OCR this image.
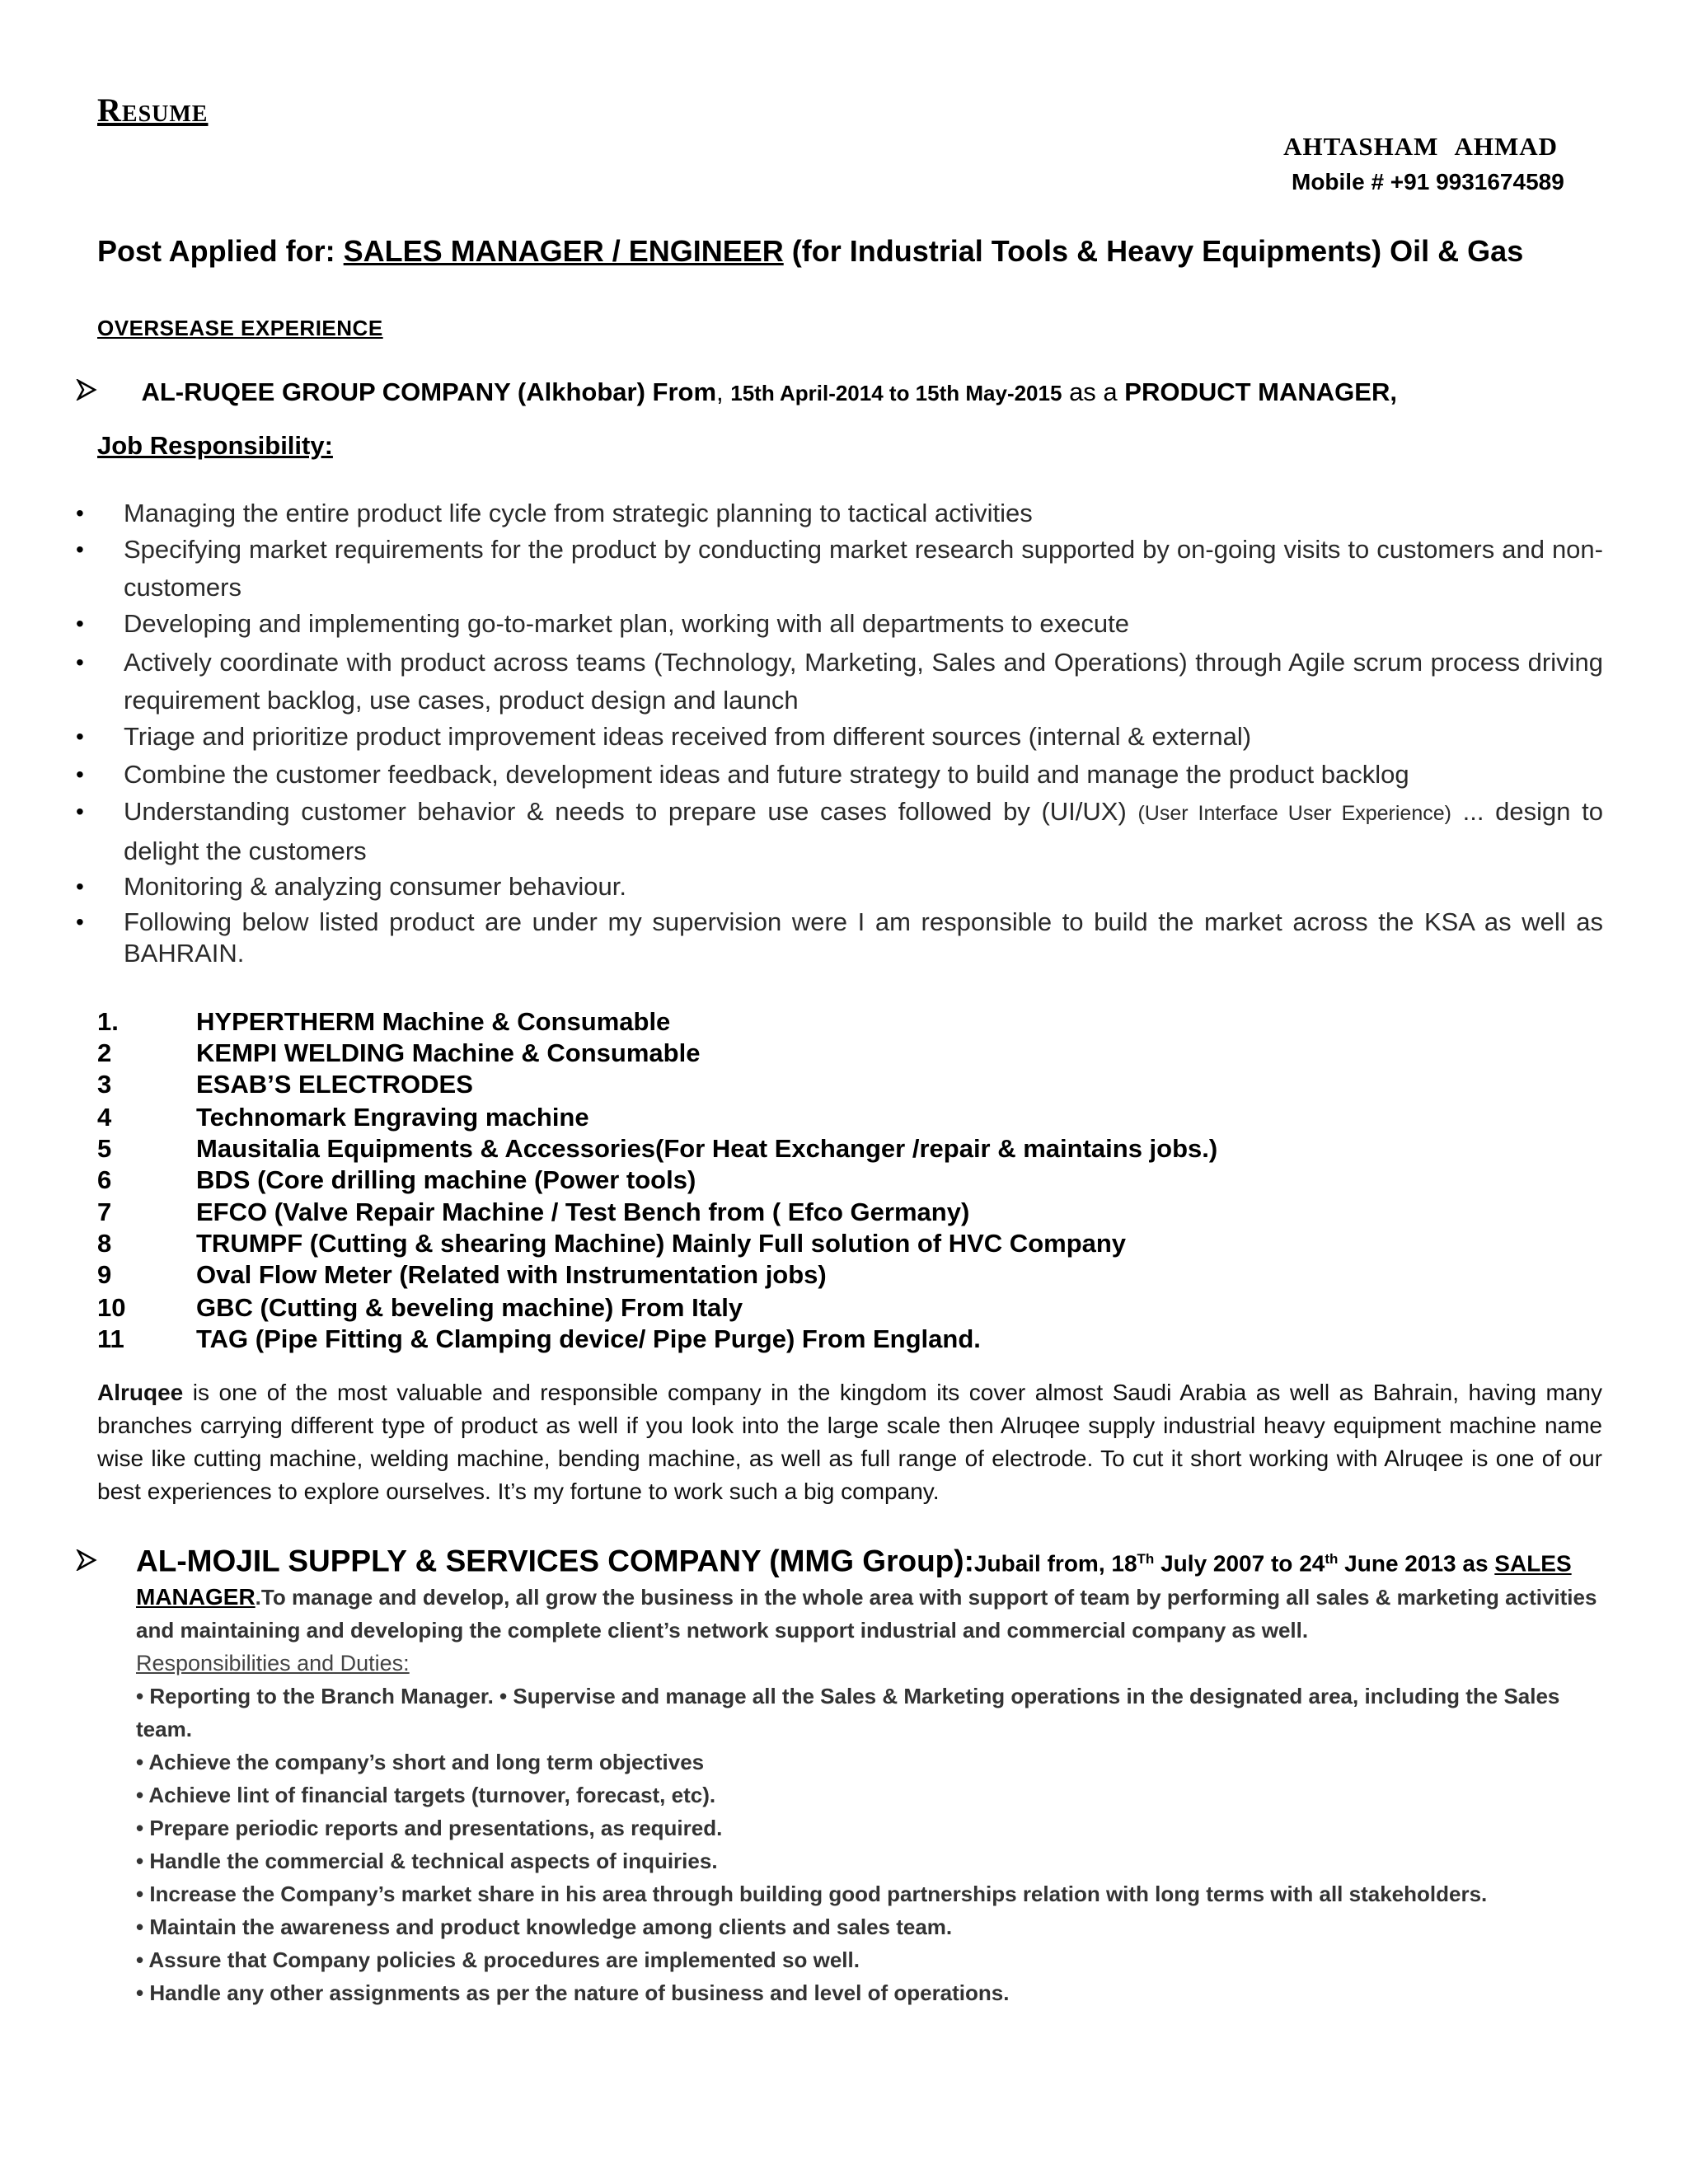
Resume
AHTASHAM AHMAD
Mobile # +91 9931674589
Post Applied for: SALES MANAGER / ENGINEER (for Industrial Tools & Heavy Equipments) Oil & Gas
OVERSEASE EXPERIENCE
AL-RUQEE GROUP COMPANY (Alkhobar) From, 15th April-2014 to 15th May-2015 as a PRODUCT MANAGER,
Job Responsibility:
• Managing the entire product life cycle from strategic planning to tactical activities
• Specifying market requirements for the product by conducting market research supported by on-going visits to customers and non-customers
• Developing and implementing go-to-market plan, working with all departments to execute
• Actively coordinate with product across teams (Technology, Marketing, Sales and Operations) through Agile scrum process driving requirement backlog, use cases, product design and launch
• Triage and prioritize product improvement ideas received from different sources (internal & external)
• Combine the customer feedback, development ideas and future strategy to build and manage the product backlog
• Understanding customer behavior & needs to prepare use cases followed by (UI/UX) (User Interface User Experience) ... design to delight the customers
• Monitoring & analyzing consumer behaviour.
• Following below listed product are under my supervision were I am responsible to build the market across the KSA as well as BAHRAIN.
1.	HYPERTHERM Machine & Consumable
2	KEMPI WELDING Machine & Consumable
3	ESAB’S ELECTRODES
4	Technomark Engraving machine
5	Mausitalia Equipments & Accessories(For Heat Exchanger /repair & maintains jobs.)
6	BDS (Core drilling machine (Power tools)
7	EFCO (Valve Repair Machine / Test Bench from ( Efco Germany)
8	TRUMPF (Cutting & shearing Machine) Mainly Full solution of HVC Company
9	Oval Flow Meter (Related with Instrumentation jobs)
10	GBC (Cutting & beveling machine) From Italy
11	TAG (Pipe Fitting & Clamping device/ Pipe Purge) From England.
Alruqee is one of the most valuable and responsible company in the kingdom its cover almost Saudi Arabia as well as Bahrain, having many branches carrying different type of product as well if you look into the large scale then Alruqee supply industrial heavy equipment machine name wise like cutting machine, welding machine, bending machine, as well as full range of electrode. To cut it short working with Alruqee is one of our best experiences to explore ourselves. It’s my fortune to work such a big company.
AL-MOJIL SUPPLY & SERVICES COMPANY (MMG Group):Jubail from, 18Th July 2007 to 24th June 2013 as SALES MANAGER.To manage and develop, all grow the business in the whole area with support of team by performing all sales & marketing activities and maintaining and developing the complete client’s network support industrial and commercial company as well.
Responsibilities and Duties:
• Reporting to the Branch Manager. • Supervise and manage all the Sales & Marketing operations in the designated area, including the Sales team.
• Achieve the company’s short and long term objectives
• Achieve lint of financial targets (turnover, forecast, etc).
• Prepare periodic reports and presentations, as required.
• Handle the commercial & technical aspects of inquiries.
• Increase the Company’s market share in his area through building good partnerships relation with long terms with all stakeholders.
• Maintain the awareness and product knowledge among clients and sales team.
• Assure that Company policies & procedures are implemented so well.
• Handle any other assignments as per the nature of business and level of operations.
